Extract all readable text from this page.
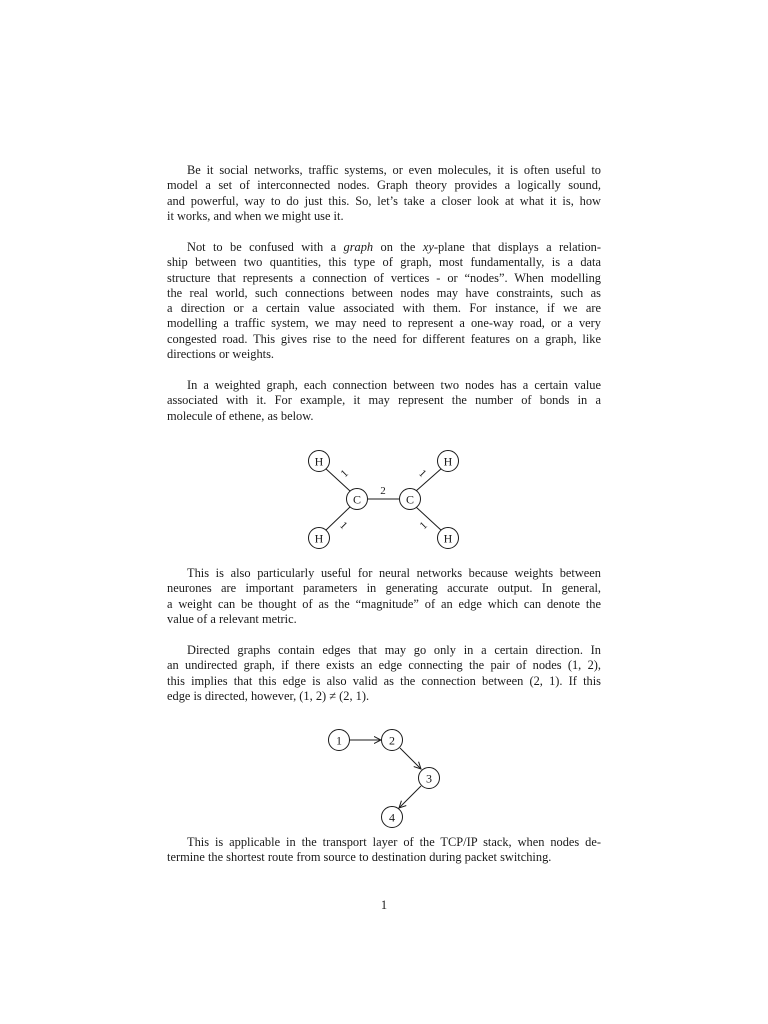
Be it social networks, traffic systems, or even molecules, it is often useful to
model a set of interconnected nodes. Graph theory provides a logically sound,
and powerful, way to do just this. So, let’s take a closer look at what it is, how
it works, and when we might use it.
Not to be confused with a graph on the xy-plane that displays a relation-
ship between two quantities, this type of graph, most fundamentally, is a data
structure that represents a connection of vertices - or “nodes”. When modelling
the real world, such connections between nodes may have constraints, such as
a direction or a certain value associated with them. For instance, if we are
modelling a traffic system, we may need to represent a one-way road, or a very
congested road. This gives rise to the need for different features on a graph, like
directions or weights.
In a weighted graph, each connection between two nodes has a certain value
associated with it. For example, it may represent the number of bonds in a
molecule of ethene, as below.
H	H
C	C
H	H
1	1
2
1	1
This is also particularly useful for neural networks because weights between
neurones are important parameters in generating accurate output. In general,
a weight can be thought of as the “magnitude” of an edge which can denote the
value of a relevant metric.
Directed graphs contain edges that may go only in a certain direction. In
an undirected graph, if there exists an edge connecting the pair of nodes (1, 2),
this implies that this edge is also valid as the connection between (2, 1). If this
edge is directed, however, (1, 2) ≠ (2, 1).
1	2
3
4
This is applicable in the transport layer of the TCP/IP stack, when nodes de-
termine the shortest route from source to destination during packet switching.

1
